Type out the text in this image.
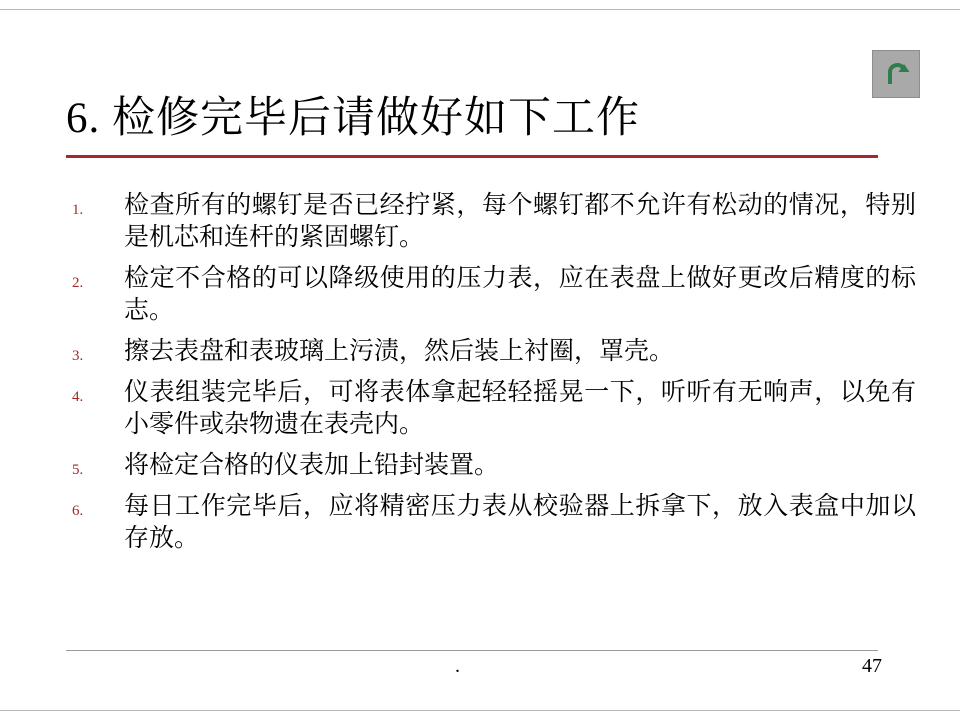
6. 检修完毕后请做好如下工作
1.	检查所有的螺钉是否已经拧紧，每个螺钉都不允许有松动的情况，特别是机芯和连杆的紧固螺钉。
2.	检定不合格的可以降级使用的压力表，应在表盘上做好更改后精度的标志。
3.	擦去表盘和表玻璃上污渍，然后装上衬圈，罩壳。
4.	仪表组装完毕后，可将表体拿起轻轻摇晃一下，听听有无响声，以免有小零件或杂物遗在表壳内。
5.	将检定合格的仪表加上铅封装置。
6.	每日工作完毕后，应将精密压力表从校验器上拆拿下，放入表盒中加以存放。
.	47
